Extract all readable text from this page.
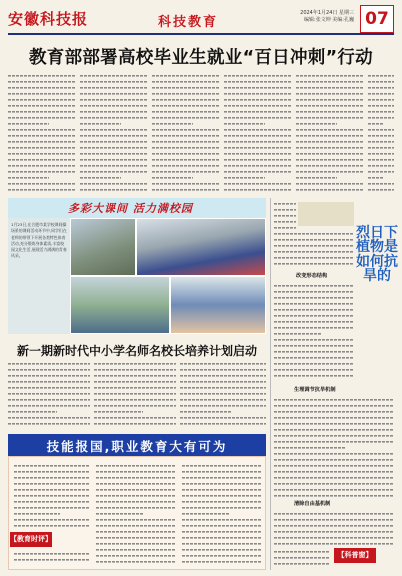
安徽科技报	科技教育
2024年1月24日 星期三
编辑:张文坤 美编:孔巍 07
教育部部署高校毕业生就业“百日冲刺”行动
多彩大课间 活力满校园
1月23日,在合肥市某学校课间操场景的课间活动环节中,同学们在老师的带领下开展各类特色体育活动,充分锻炼身体素质,丰富校园文化生活,展现活力满满的青春风采。
新一期新时代中小学名师名校长培养计划启动
技能报国,职业教育大有可为
【教育时评】
烈日下植物是如何抗旱的
改变形态结构
生理调节抗旱机制
清除自由基机制
【科普窗】
